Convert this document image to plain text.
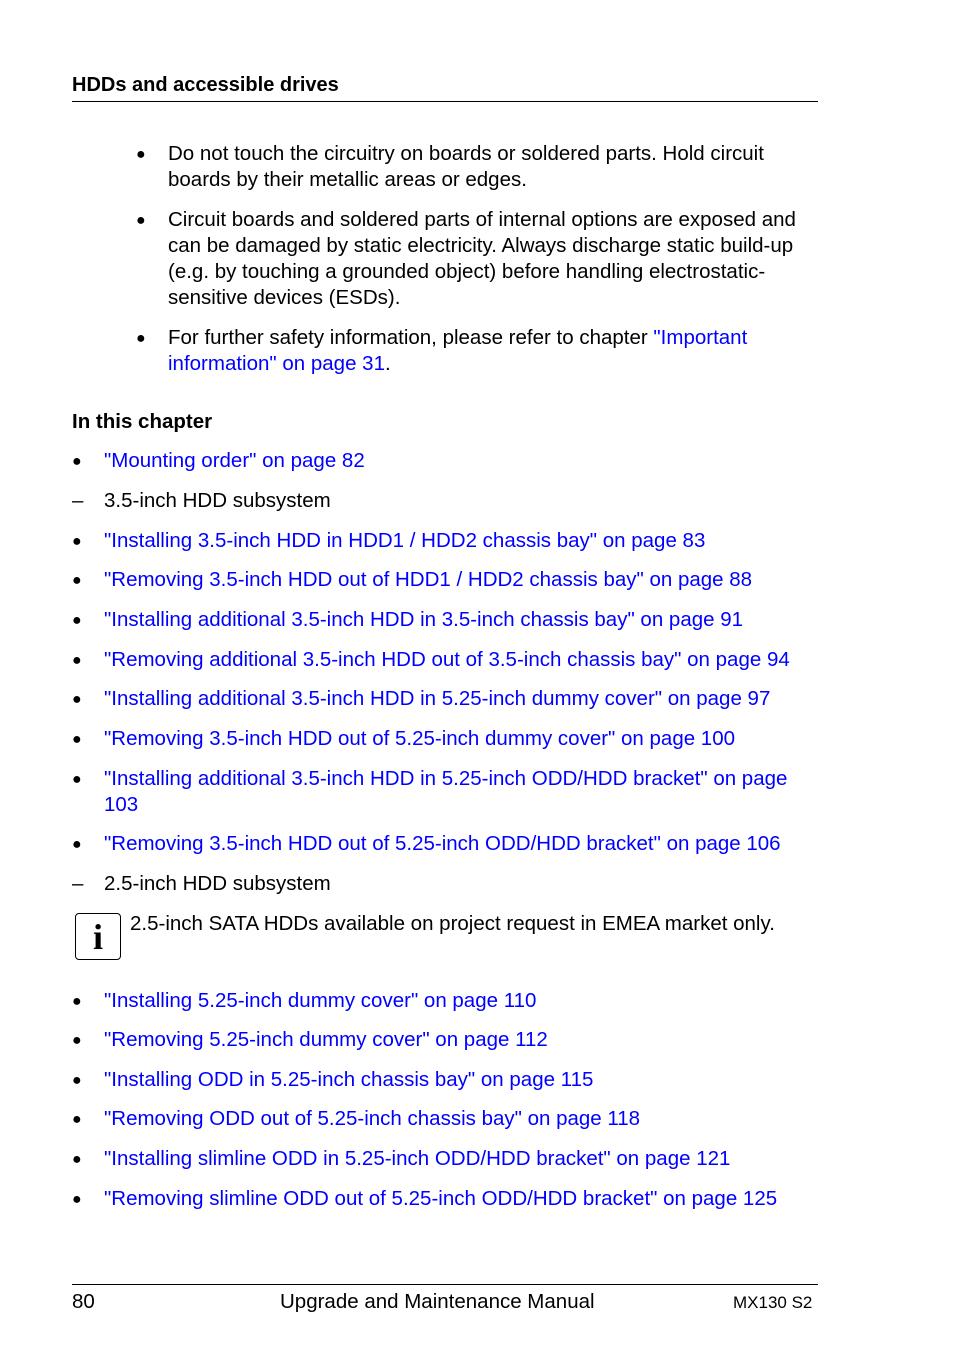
HDDs and accessible drives
● Do not touch the circuitry on boards or soldered parts. Hold circuit boards by their metallic areas or edges.

● Circuit boards and soldered parts of internal options are exposed and can be damaged by static electricity. Always discharge static build-up (e.g. by touching a grounded object) before handling electrostatic-sensitive devices (ESDs).

● For further safety information, please refer to chapter "Important information" on page 31.

In this chapter
● "Mounting order" on page 82
– 3.5-inch HDD subsystem
● "Installing 3.5-inch HDD in HDD1 / HDD2 chassis bay" on page 83
● "Removing 3.5-inch HDD out of HDD1 / HDD2 chassis bay" on page 88
● "Installing additional 3.5-inch HDD in 3.5-inch chassis bay" on page 91
● "Removing additional 3.5-inch HDD out of 3.5-inch chassis bay" on page 94
● "Installing additional 3.5-inch HDD in 5.25-inch dummy cover" on page 97
● "Removing 3.5-inch HDD out of 5.25-inch dummy cover" on page 100
● "Installing additional 3.5-inch HDD in 5.25-inch ODD/HDD bracket" on page 103
● "Removing 3.5-inch HDD out of 5.25-inch ODD/HDD bracket" on page 106
– 2.5-inch HDD subsystem
i	2.5-inch SATA HDDs available on project request in EMEA market only.
● "Installing 5.25-inch dummy cover" on page 110
● "Removing 5.25-inch dummy cover" on page 112
● "Installing ODD in 5.25-inch chassis bay" on page 115
● "Removing ODD out of 5.25-inch chassis bay" on page 118
● "Installing slimline ODD in 5.25-inch ODD/HDD bracket" on page 121
● "Removing slimline ODD out of 5.25-inch ODD/HDD bracket" on page 125
80	Upgrade and Maintenance Manual	MX130 S2
